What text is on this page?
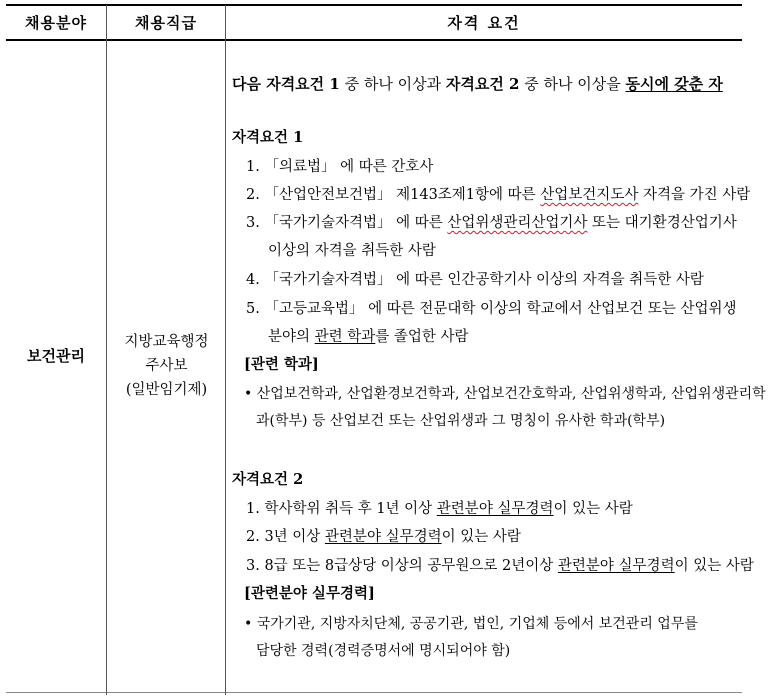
채용분야	채용직급	자격 요건
보건관리
지방교육행정
주사보
(일반임기제)
다음 자격요건 1 중 하나 이상과 자격요건 2 중 하나 이상을 동시에 갖춘 자
자격요건 1
1. 「의료법」 에 따른 간호사
2. 「산업안전보건법」 제143조제1항에 따른 산업보건지도사 자격을 가진 사람
3. 「국가기술자격법」 에 따른 산업위생관리산업기사 또는 대기환경산업기사
이상의 자격을 취득한 사람
4. 「국가기술자격법」 에 따른 인간공학기사 이상의 자격을 취득한 사람
5. 「고등교육법」 에 따른 전문대학 이상의 학교에서 산업보건 또는 산업위생
분야의 관련 학과를 졸업한 사람
[관련 학과]
• 산업보건학과, 산업환경보건학과, 산업보건간호학과, 산업위생학과, 산업위생관리학
과(학부) 등 산업보건 또는 산업위생과 그 명칭이 유사한 학과(학부)
자격요건 2
1. 학사학위 취득 후 1년 이상 관련분야 실무경력이 있는 사람
2. 3년 이상 관련분야 실무경력이 있는 사람
3. 8급 또는 8급상당 이상의 공무원으로 2년이상 관련분야 실무경력이 있는 사람
[관련분야 실무경력]
• 국가기관, 지방자치단체, 공공기관, 법인, 기업체 등에서 보건관리 업무를
담당한 경력(경력증명서에 명시되어야 함)
